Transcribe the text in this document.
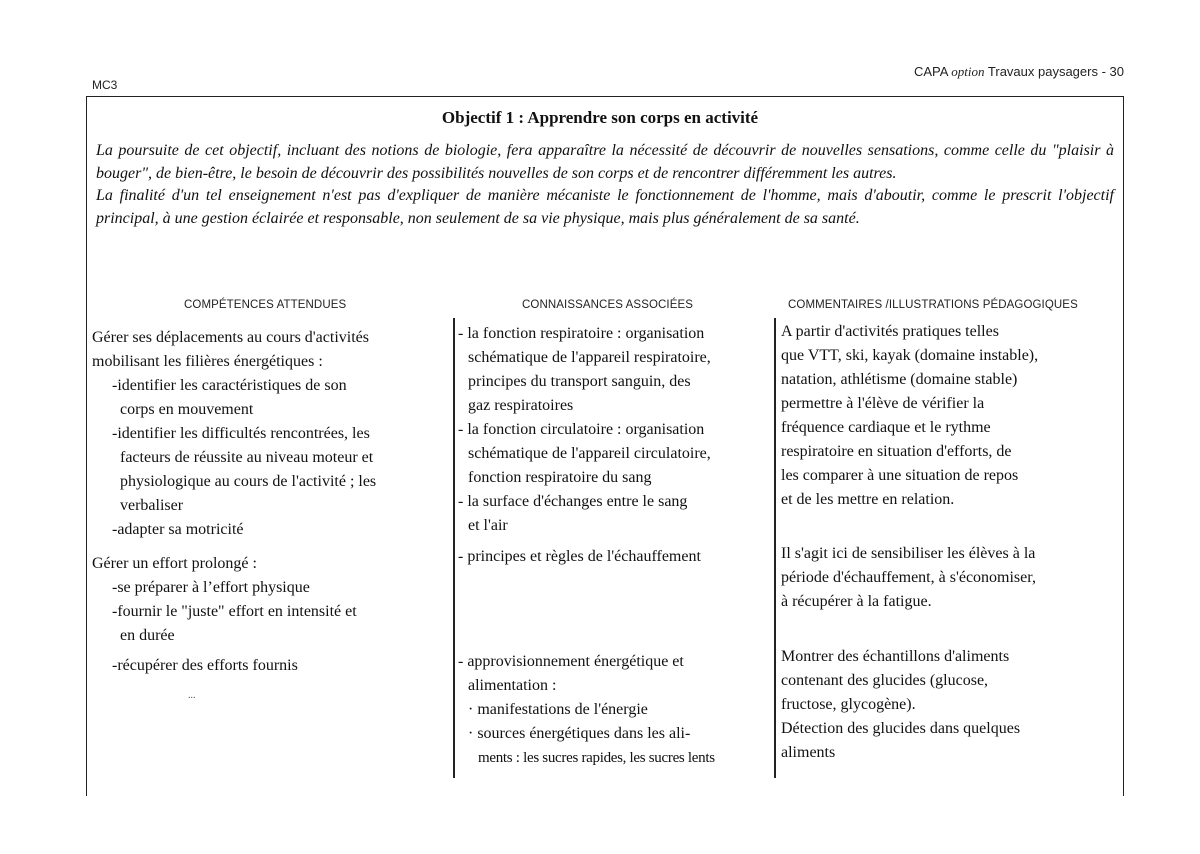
MC3
CAPA option Travaux paysagers - 30
Objectif 1 : Apprendre son corps en activité

La poursuite de cet objectif, incluant des notions de biologie, fera apparaître la nécessité de découvrir de nouvelles sensations, comme celle du "plaisir à bouger", de bien-être, le besoin de découvrir des possibilités nouvelles de son corps et de rencontrer différemment les autres.

La finalité d'un tel enseignement n'est pas d'expliquer de manière mécaniste le fonctionnement de l'homme, mais d'aboutir, comme le prescrit l'objectif principal, à une gestion éclairée et responsable, non seulement de sa vie physique, mais plus généralement de sa santé.

COMPÉTENCES ATTENDUES	CONNAISSANCES ASSOCIÉES	COMMENTAIRES /ILLUSTRATIONS PÉDAGOGIQUES
Gérer ses déplacements au cours d'activités
mobilisant les filières énergétiques :
-identifier les caractéristiques de son
corps en mouvement
-identifier les difficultés rencontrées, les
facteurs de réussite au niveau moteur et
physiologique au cours de l'activité ; les
verbaliser
-adapter sa motricité
Gérer un effort prolongé :
-se préparer à l’effort physique
-fournir le "juste" effort en intensité et
en durée
-récupérer des efforts fournis
...
- la fonction respiratoire : organisation
schématique de l'appareil respiratoire,
principes du transport sanguin, des
gaz respiratoires
- la fonction circulatoire : organisation
schématique de l'appareil circulatoire,
fonction respiratoire du sang
- la surface d'échanges entre le sang
et l'air
- principes et règles de l'échauffement
- approvisionnement énergétique et
alimentation :
· manifestations de l'énergie
· sources énergétiques dans les ali-
ments : les sucres rapides, les sucres lents
A partir d'activités pratiques telles
que VTT, ski, kayak (domaine instable),
natation, athlétisme (domaine stable)
permettre à l'élève de vérifier la
fréquence cardiaque et le rythme
respiratoire en situation d'efforts, de
les comparer à une situation de repos
et de les mettre en relation.
Il s'agit ici de sensibiliser les élèves à la
période d'échauffement, à s'économiser,
à récupérer à la fatigue.
Montrer des échantillons d'aliments
contenant des glucides (glucose,
fructose, glycogène).
Détection des glucides dans quelques
aliments
